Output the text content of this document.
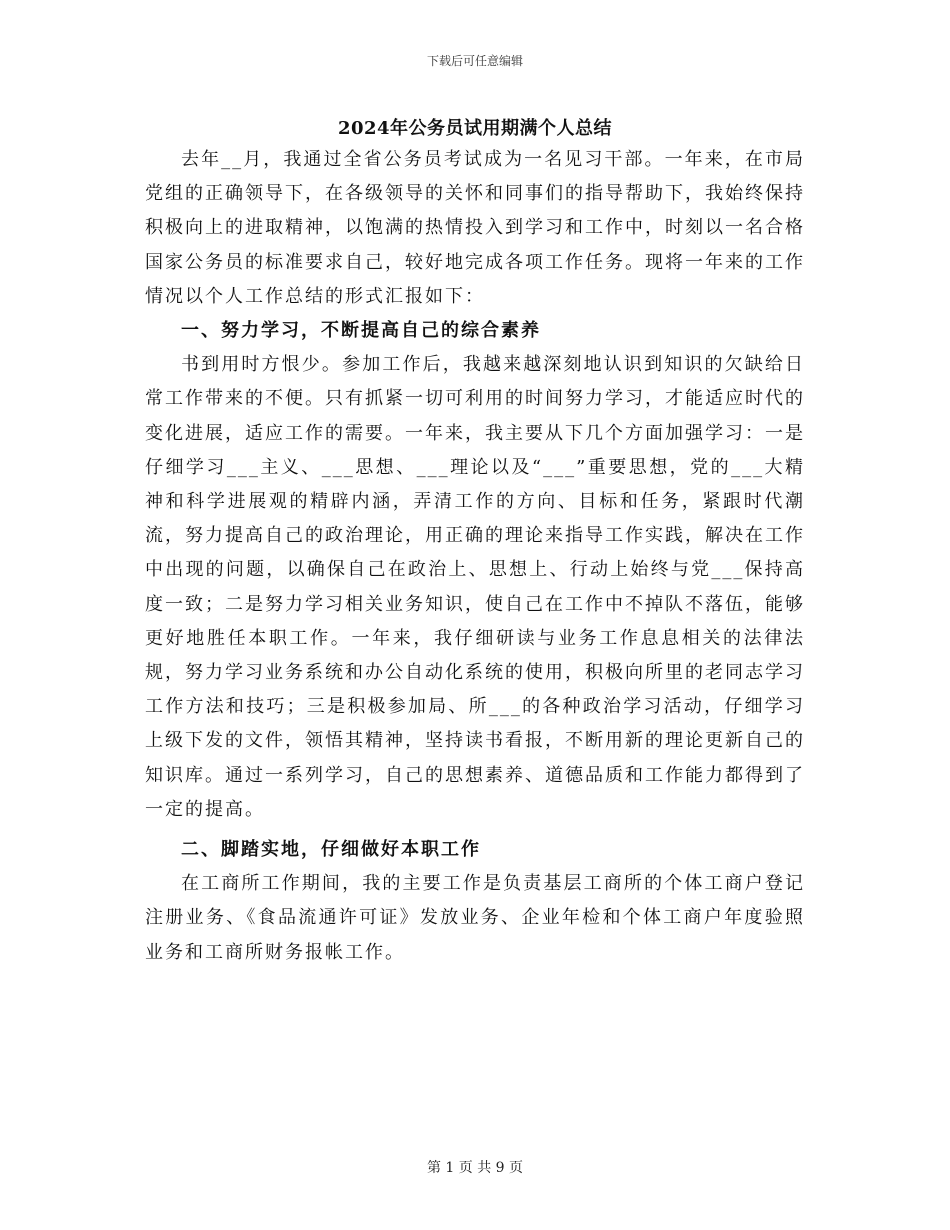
下载后可任意编辑
2024年公务员试用期满个人总结

去年__月，我通过全省公务员考试成为一名见习干部。一年来，在市局党组的正确领导下，在各级领导的关怀和同事们的指导帮助下，我始终保持积极向上的进取精神，以饱满的热情投入到学习和工作中，时刻以一名合格国家公务员的标准要求自己，较好地完成各项工作任务。现将一年来的工作情况以个人工作总结的形式汇报如下：

一、努力学习，不断提高自己的综合素养

书到用时方恨少。参加工作后，我越来越深刻地认识到知识的欠缺给日常工作带来的不便。只有抓紧一切可利用的时间努力学习，才能适应时代的变化进展，适应工作的需要。一年来，我主要从下几个方面加强学习：一是仔细学习___主义、___思想、___理论以及“___”重要思想，党的___大精神和科学进展观的精辟内涵，弄清工作的方向、目标和任务，紧跟时代潮流，努力提高自己的政治理论，用正确的理论来指导工作实践，解决在工作中出现的问题，以确保自己在政治上、思想上、行动上始终与党___保持高度一致；二是努力学习相关业务知识，使自己在工作中不掉队不落伍，能够更好地胜任本职工作。一年来，我仔细研读与业务工作息息相关的法律法规，努力学习业务系统和办公自动化系统的使用，积极向所里的老同志学习工作方法和技巧；三是积极参加局、所___的各种政治学习活动，仔细学习上级下发的文件，领悟其精神，坚持读书看报，不断用新的理论更新自己的知识库。通过一系列学习，自己的思想素养、道德品质和工作能力都得到了一定的提高。

二、脚踏实地，仔细做好本职工作

在工商所工作期间，我的主要工作是负责基层工商所的个体工商户登记注册业务、《食品流通许可证》发放业务、企业年检和个体工商户年度验照业务和工商所财务报帐工作。

第 1 页 共 9 页
